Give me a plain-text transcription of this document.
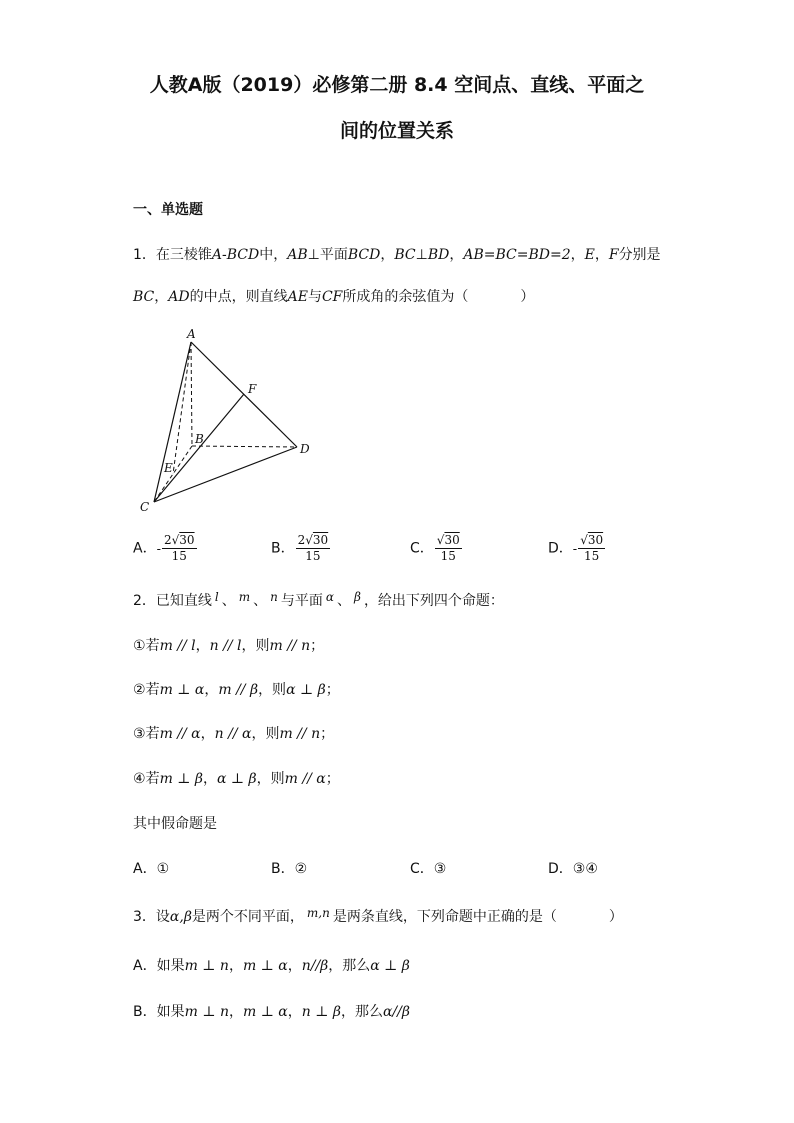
人教A版（2019）必修第二册 8.4 空间点、直线、平面之
间的位置关系
一、单选题
1．在三棱锥A-BCD中，AB⊥平面BCD，BC⊥BD，AB=BC=BD=2，E，F分别是
BC，AD的中点，则直线AE与CF所成角的余弦值为（	）
A
B
C
D
E
F
A．- $\frac{2√30}{15}$	B． $\frac{2√30}{15}$	C． $\frac{√30}{15}$	D．- $\frac{√30}{15}$
2．已知直线 l 、 m 、 n 与平面 α 、 β ，给出下列四个命题：
①若m // l，n // l，则m // n；
②若m ⊥ α，m // β，则α ⊥ β；
③若m // α，n // α，则m // n；
④若m ⊥ β，α ⊥ β，则m // α；
其中假命题是
A．①	B．②	C．③	D．③④
3．设α,β是两个不同平面， m,n 是两条直线，下列命题中正确的是（	）
A．如果m ⊥ n，m ⊥ α，n//β，那么α ⊥ β
B．如果m ⊥ n，m ⊥ α，n ⊥ β，那么α//β
